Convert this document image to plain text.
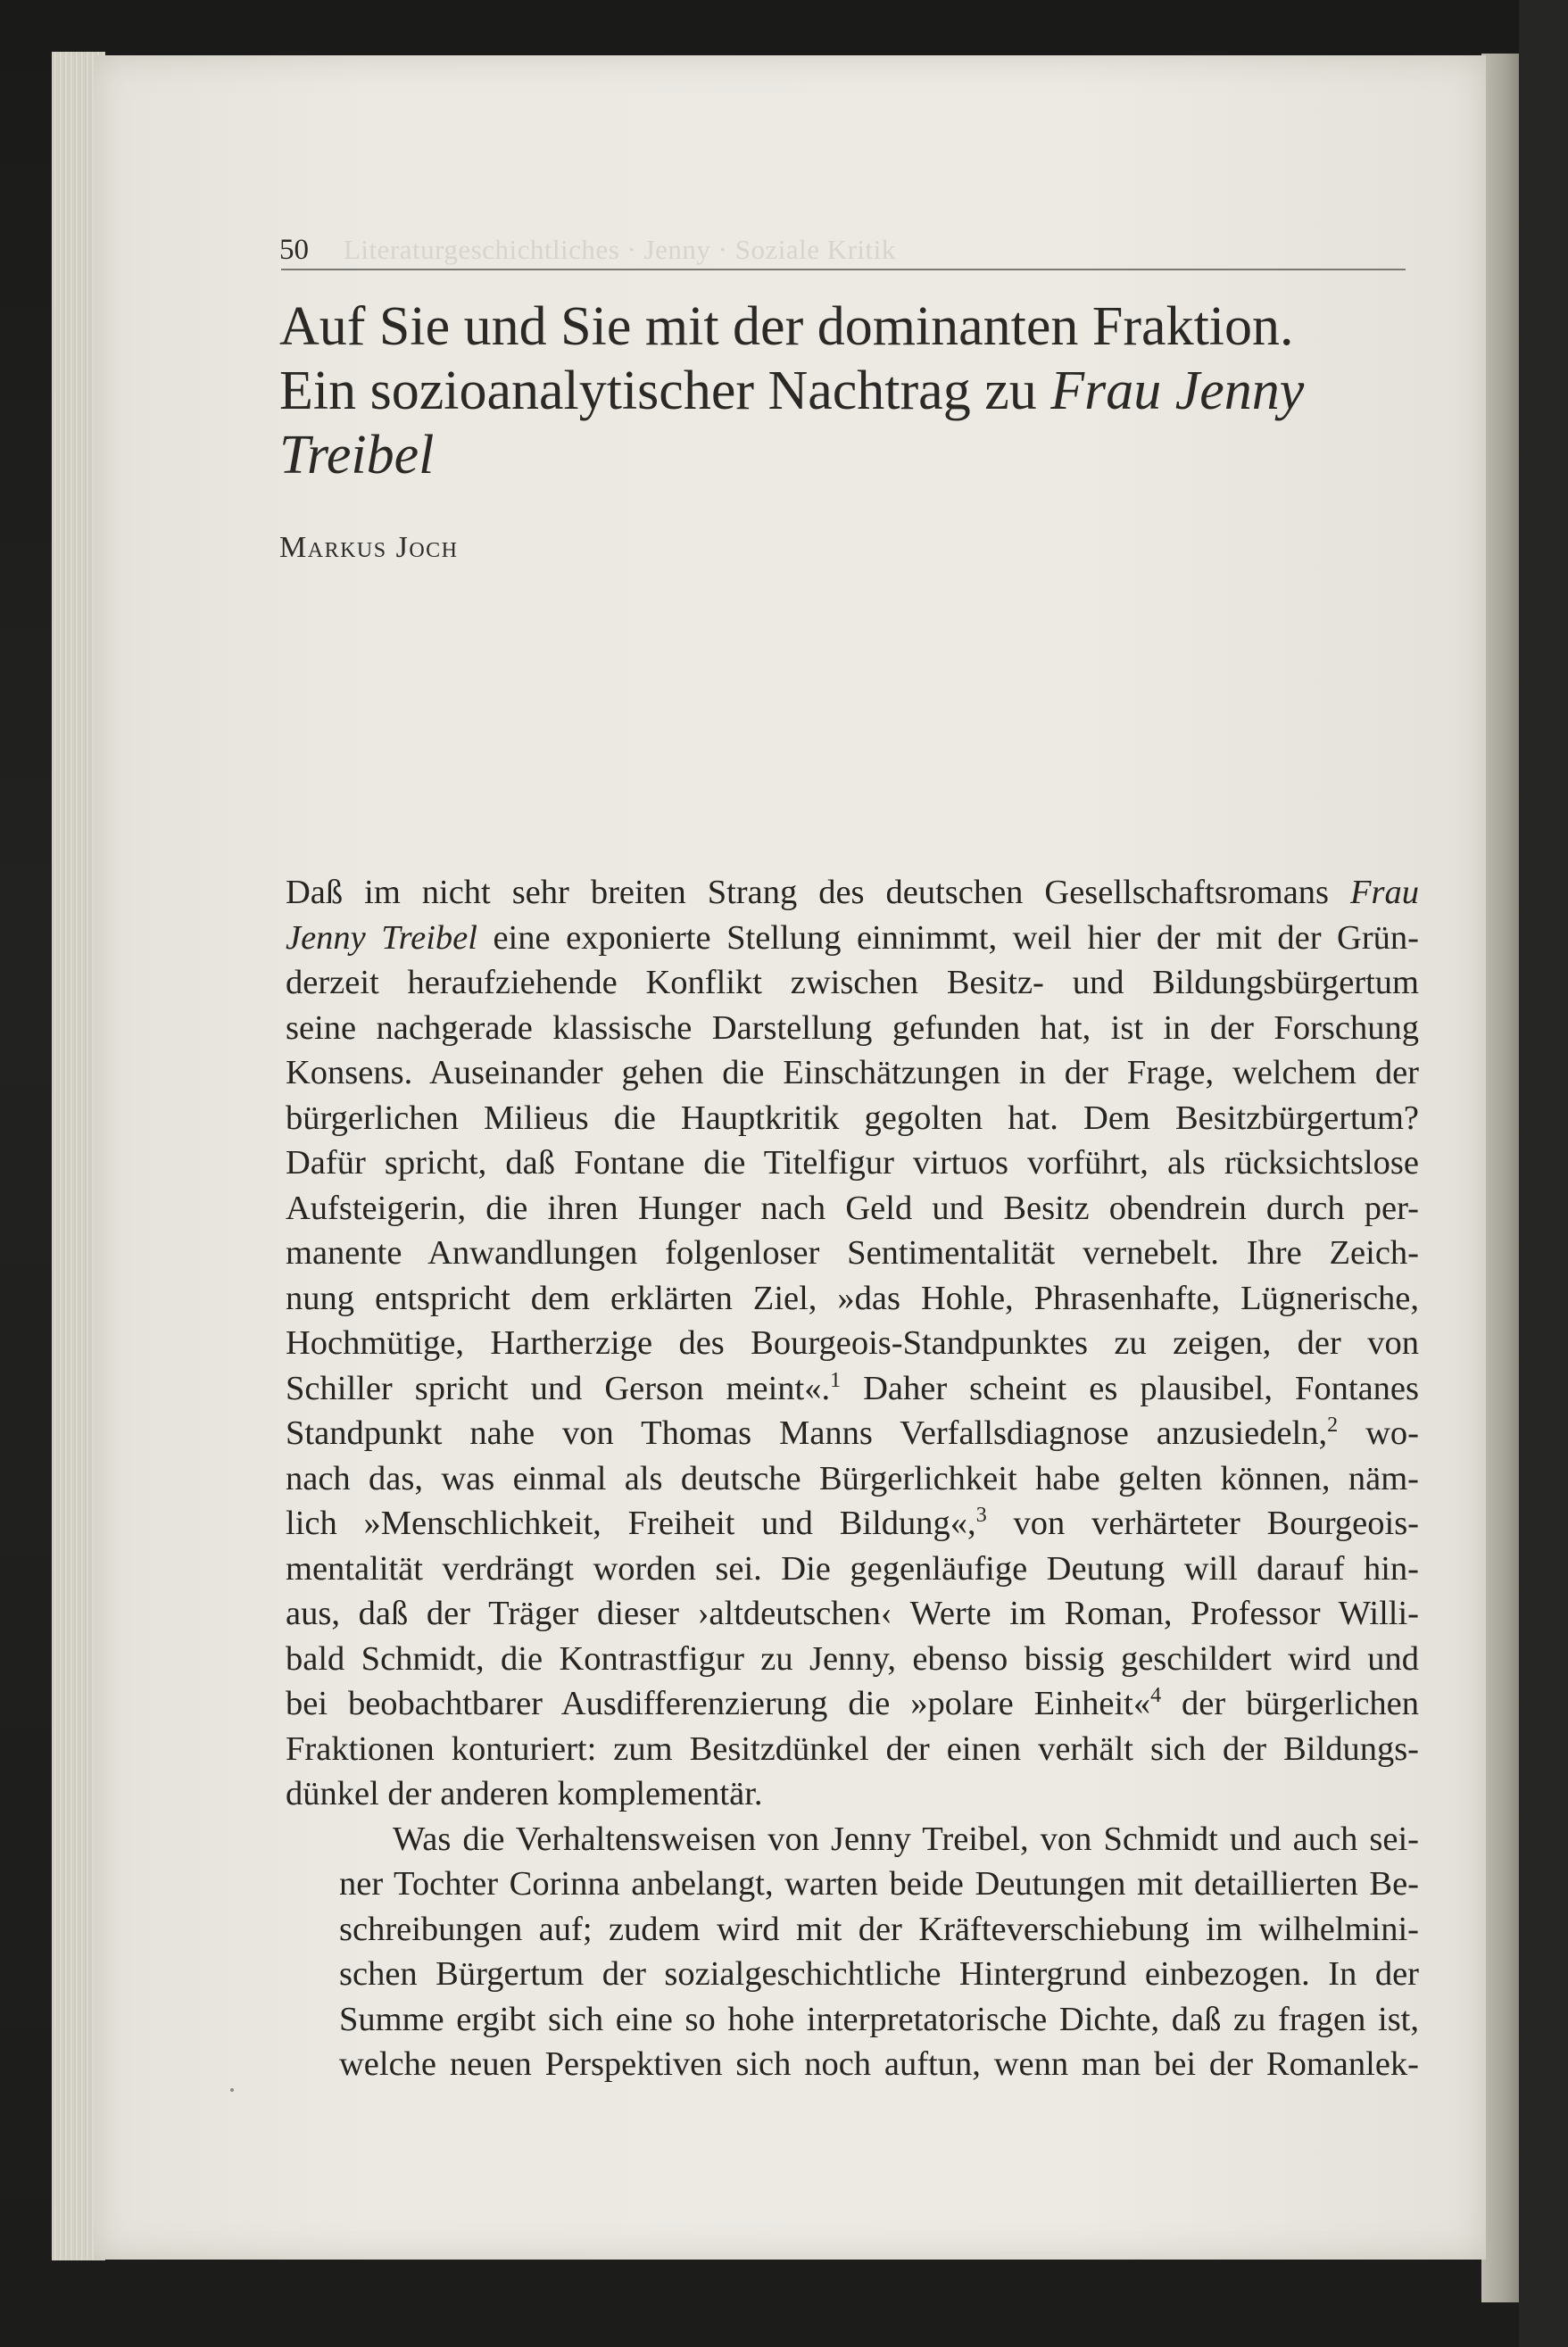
50 Literaturgeschichtliches · Jenny · Soziale Kritik
Auf Sie und Sie mit der dominanten Fraktion.
Ein sozioanalytischer Nachtrag zu Frau Jenny
Treibel
Markus Joch

Daß im nicht sehr breiten Strang des deutschen Gesellschaftsromans Frau
Jenny Treibel eine exponierte Stellung einnimmt, weil hier der mit der Grün-
derzeit heraufziehende Konflikt zwischen Besitz- und Bildungsbürgertum
seine nachgerade klassische Darstellung gefunden hat, ist in der Forschung
Konsens. Auseinander gehen die Einschätzungen in der Frage, welchem der
bürgerlichen Milieus die Hauptkritik gegolten hat. Dem Besitzbürgertum?
Dafür spricht, daß Fontane die Titelfigur virtuos vorführt, als rücksichtslose
Aufsteigerin, die ihren Hunger nach Geld und Besitz obendrein durch per-
manente Anwandlungen folgenloser Sentimentalität vernebelt. Ihre Zeich-
nung entspricht dem erklärten Ziel, »das Hohle, Phrasenhafte, Lügnerische,
Hochmütige, Hartherzige des Bourgeois-Standpunktes zu zeigen, der von
Schiller spricht und Gerson meint«.$^1$ Daher scheint es plausibel, Fontanes
Standpunkt nahe von Thomas Manns Verfallsdiagnose anzusiedeln,$^2$ wo-
nach das, was einmal als deutsche Bürgerlichkeit habe gelten können, näm-
lich »Menschlichkeit, Freiheit und Bildung«,$^3$ von verhärteter Bourgeois-
mentalität verdrängt worden sei. Die gegenläufige Deutung will darauf hin-
aus, daß der Träger dieser ›altdeutschen‹ Werte im Roman, Professor Willi-
bald Schmidt, die Kontrastfigur zu Jenny, ebenso bissig geschildert wird und
bei beobachtbarer Ausdifferenzierung die »polare Einheit«$^4$ der bürgerlichen
Fraktionen konturiert: zum Besitzdünkel der einen verhält sich der Bildungs-
dünkel der anderen komplementär.

Was die Verhaltensweisen von Jenny Treibel, von Schmidt und auch sei-
ner Tochter Corinna anbelangt, warten beide Deutungen mit detaillierten Be-
schreibungen auf; zudem wird mit der Kräfteverschiebung im wilhelmini-
schen Bürgertum der sozialgeschichtliche Hintergrund einbezogen. In der
Summe ergibt sich eine so hohe interpretatorische Dichte, daß zu fragen ist,
welche neuen Perspektiven sich noch auftun, wenn man bei der Romanlek-
